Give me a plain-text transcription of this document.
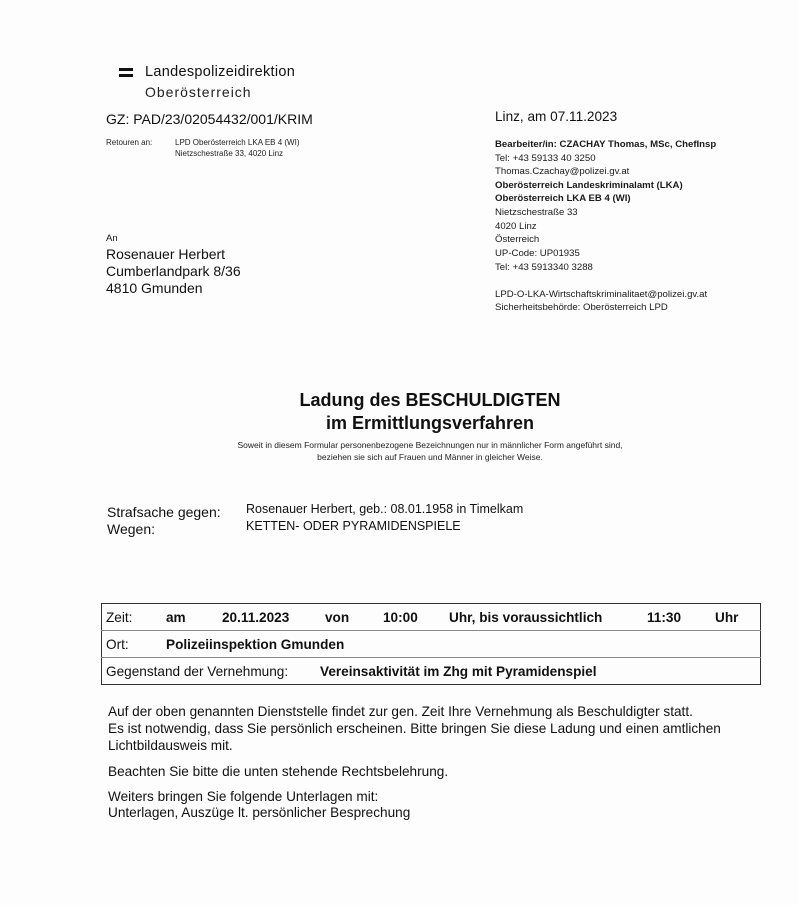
Landespolizeidirektion
Oberösterreich
GZ: PAD/23/02054432/001/KRIM	Linz, am 07.11.2023
Retouren an:	LPD Oberösterreich LKA EB 4 (WI)
Nietzschestraße 33, 4020 Linz
An
Rosenauer Herbert
Cumberlandpark 8/36
4810 Gmunden
Bearbeiter/in: CZACHAY Thomas, MSc, ChefInsp
Tel: +43 59133 40 3250
Thomas.Czachay@polizei.gv.at
Oberösterreich Landeskriminalamt (LKA)
Oberösterreich LKA EB 4 (WI)
Nietzschestraße 33
4020 Linz
Österreich
UP-Code: UP01935
Tel: +43 5913340 3288
LPD-O-LKA-Wirtschaftskriminalitaet@polizei.gv.at
Sicherheitsbehörde: Oberösterreich LPD
Ladung des BESCHULDIGTEN
im Ermittlungsverfahren
Soweit in diesem Formular personenbezogene Bezeichnungen nur in männlicher Form angeführt sind,
beziehen sie sich auf Frauen und Männer in gleicher Weise.
Strafsache gegen: Rosenauer Herbert, geb.: 08.01.1958 in Timelkam
Wegen:	KETTEN- ODER PYRAMIDENSPIELE
Zeit:	am	20.11.2023	von	10:00	Uhr, bis voraussichtlich	11:30	Uhr
Ort:	Polizeiinspektion Gmunden						
Gegenstand der Vernehmung: Vereinsaktivität im Zhg mit Pyramidenspiel							
Auf der oben genannten Dienststelle findet zur gen. Zeit Ihre Vernehmung als Beschuldigter statt.
Es ist notwendig, dass Sie persönlich erscheinen. Bitte bringen Sie diese Ladung und einen amtlichen
Lichtbildausweis mit.
Beachten Sie bitte die unten stehende Rechtsbelehrung.
Weiters bringen Sie folgende Unterlagen mit:
Unterlagen, Auszüge lt. persönlicher Besprechung
